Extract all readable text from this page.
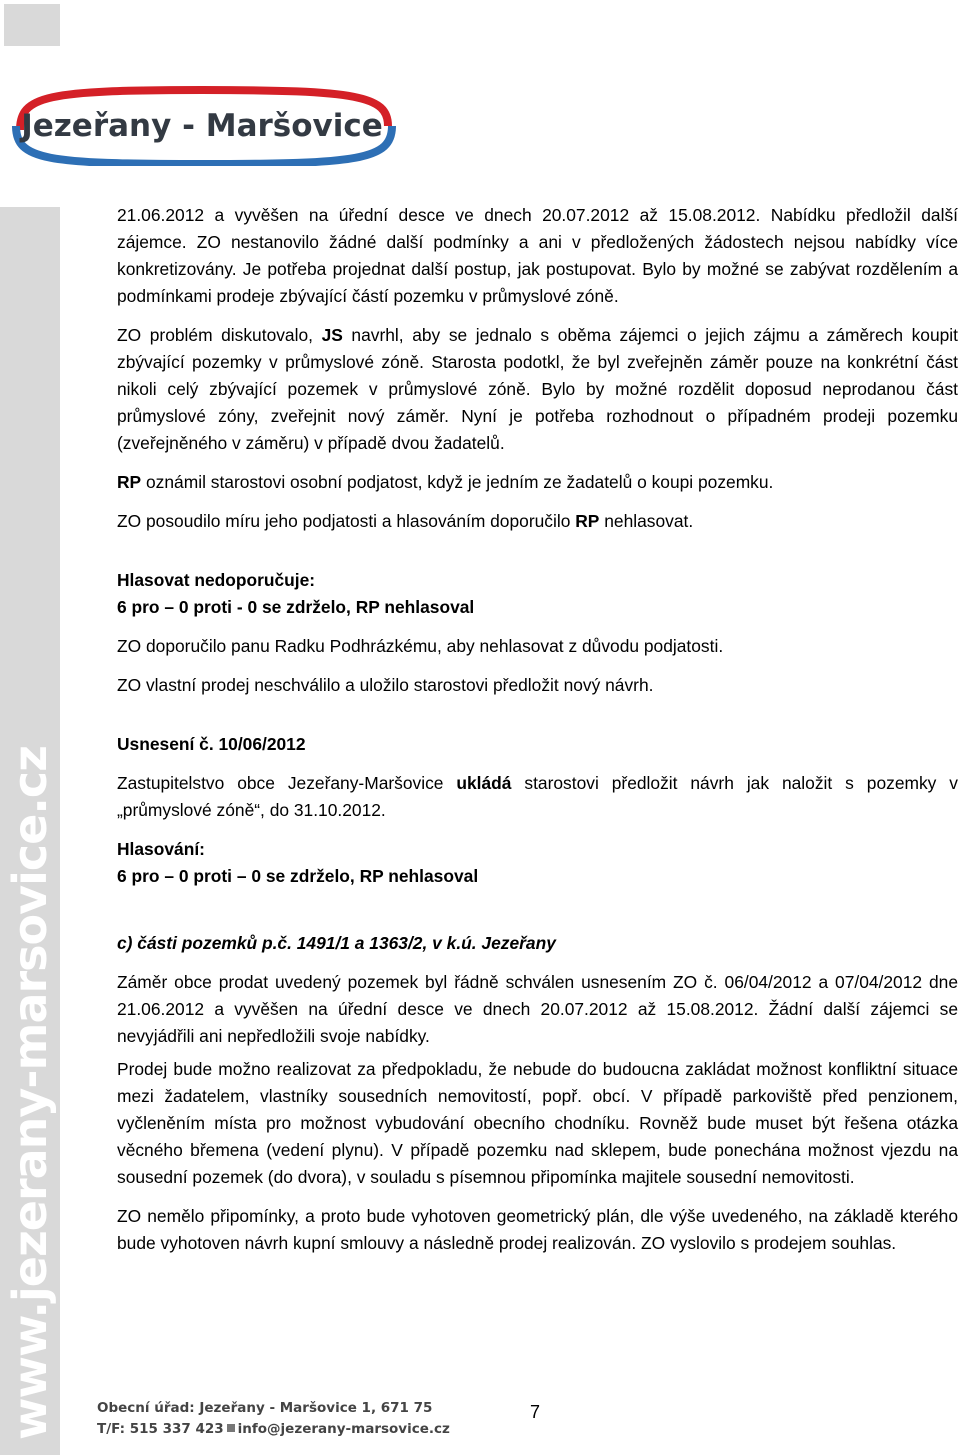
Jezeřany - Maršovice
www.jezerany-marsovice.cz

21.06.2012 a vyvěšen na úřední desce ve dnech 20.07.2012 až 15.08.2012. Nabídku předložil další zájemce. ZO nestanovilo žádné další podmínky a ani v předložených žádostech nejsou nabídky více konkretizovány. Je potřeba projednat další postup, jak postupovat. Bylo by možné se zabývat rozdělením a podmínkami prodeje zbývající částí pozemku v průmyslové zóně.

ZO problém diskutovalo, JS navrhl, aby se jednalo s oběma zájemci o jejich zájmu a záměrech koupit zbývající pozemky v průmyslové zóně. Starosta podotkl, že byl zveřejněn záměr pouze na konkrétní část nikoli celý zbývající pozemek v průmyslové zóně. Bylo by možné rozdělit doposud neprodanou část průmyslové zóny, zveřejnit nový záměr. Nyní je potřeba rozhodnout o případném prodeji pozemku (zveřejněného v záměru) v případě dvou žadatelů.

RP oznámil starostovi osobní podjatost, když je jedním ze žadatelů o koupi pozemku.

ZO posoudilo míru jeho podjatosti a hlasováním doporučilo RP nehlasovat.

Hlasovat nedoporučuje:

6 pro – 0 proti - 0 se zdrželo, RP nehlasoval

ZO doporučilo panu Radku Podhrázkému, aby nehlasovat z důvodu podjatosti.

ZO vlastní prodej neschválilo a uložilo starostovi předložit nový návrh.

Usnesení č. 10/06/2012

Zastupitelstvo obce Jezeřany-Maršovice ukládá starostovi předložit návrh jak naložit s pozemky v „průmyslové zóně“, do 31.10.2012.

Hlasování:

6 pro – 0 proti – 0 se zdrželo, RP nehlasoval

c) části pozemků p.č. 1491/1 a 1363/2, v k.ú. Jezeřany

Záměr obce prodat uvedený pozemek byl řádně schválen usnesením ZO č. 06/04/2012 a 07/04/2012 dne 21.06.2012 a vyvěšen na úřední desce ve dnech 20.07.2012 až 15.08.2012. Žádní další zájemci se nevyjádřili ani nepředložili svoje nabídky.

Prodej bude možno realizovat za předpokladu, že nebude do budoucna zakládat možnost konfliktní situace mezi žadatelem, vlastníky sousedních nemovitostí, popř. obcí. V případě parkoviště před penzionem, vyčleněním místa pro možnost vybudování obecního chodníku. Rovněž bude muset být řešena otázka věcného břemena (vedení plynu). V případě pozemku nad sklepem, bude ponechána možnost vjezdu na sousední pozemek (do dvora), v souladu s písemnou připomínka majitele sousední nemovitosti.

ZO nemělo připomínky, a proto bude vyhotoven geometrický plán, dle výše uvedeného, na základě kterého bude vyhotoven návrh kupní smlouvy a následně prodej realizován. ZO vyslovilo s prodejem souhlas.

Obecní úřad: Jezeřany - Maršovice 1, 671 75
T/F: 515 337 423 info@jezerany-marsovice.cz
7
